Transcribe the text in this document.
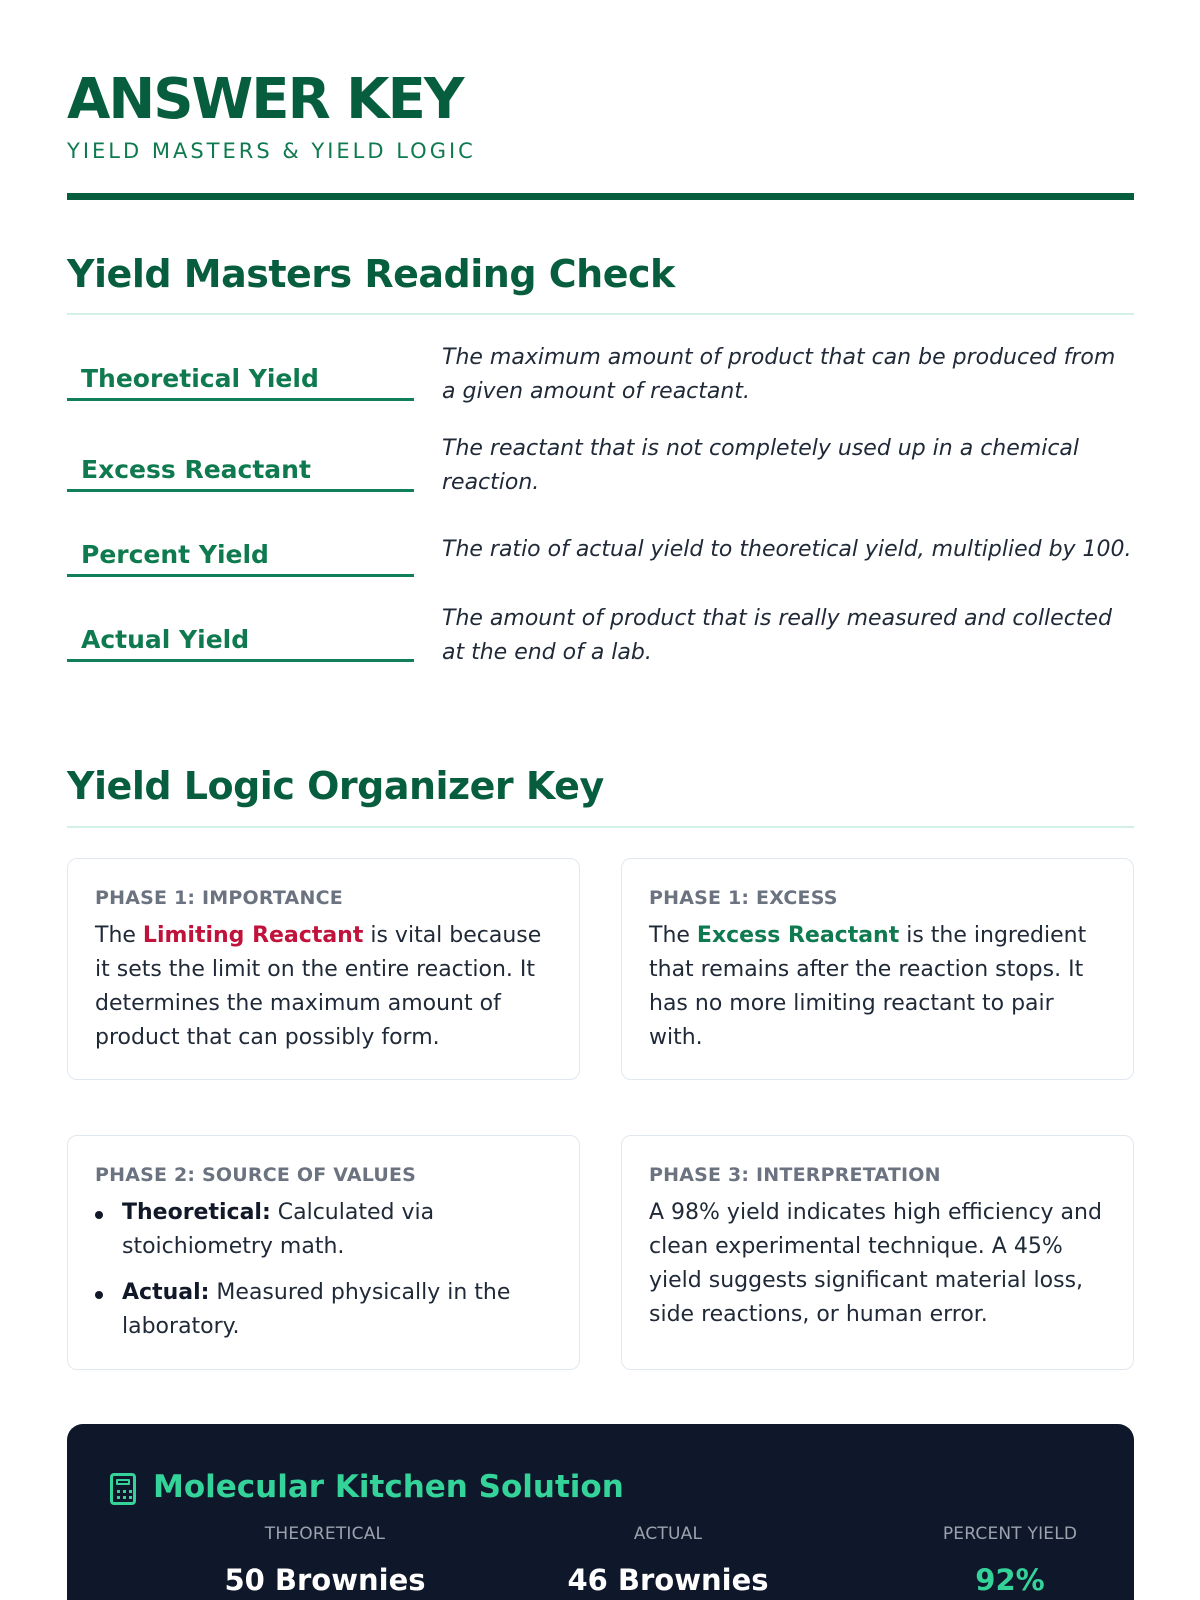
ANSWER KEY
YIELD MASTERS & YIELD LOGIC
Yield Masters Reading Check
Theoretical Yield
The maximum amount of product that can be produced from a given amount of reactant.
Excess Reactant
The reactant that is not completely used up in a chemical reaction.
Percent Yield	The ratio of actual yield to theoretical yield, multiplied by 100.
Actual Yield
The amount of product that is really measured and collected at the end of a lab.
Yield Logic Organizer Key
PHASE 1: IMPORTANCE
The Limiting Reactant is vital because it sets the limit on the entire reaction. It determines the maximum amount of product that can possibly form.
PHASE 1: EXCESS
The Excess Reactant is the ingredient that remains after the reaction stops. It has no more limiting reactant to pair with.
PHASE 2: SOURCE OF VALUES
Theoretical: Calculated via stoichiometry math.
Actual: Measured physically in the laboratory.
PHASE 3: INTERPRETATION
A 98% yield indicates high efficiency and clean experimental technique. A 45% yield suggests significant material loss, side reactions, or human error.
Molecular Kitchen Solution
THEORETICAL
50 Brownies
ACTUAL
46 Brownies
PERCENT YIELD
92%
